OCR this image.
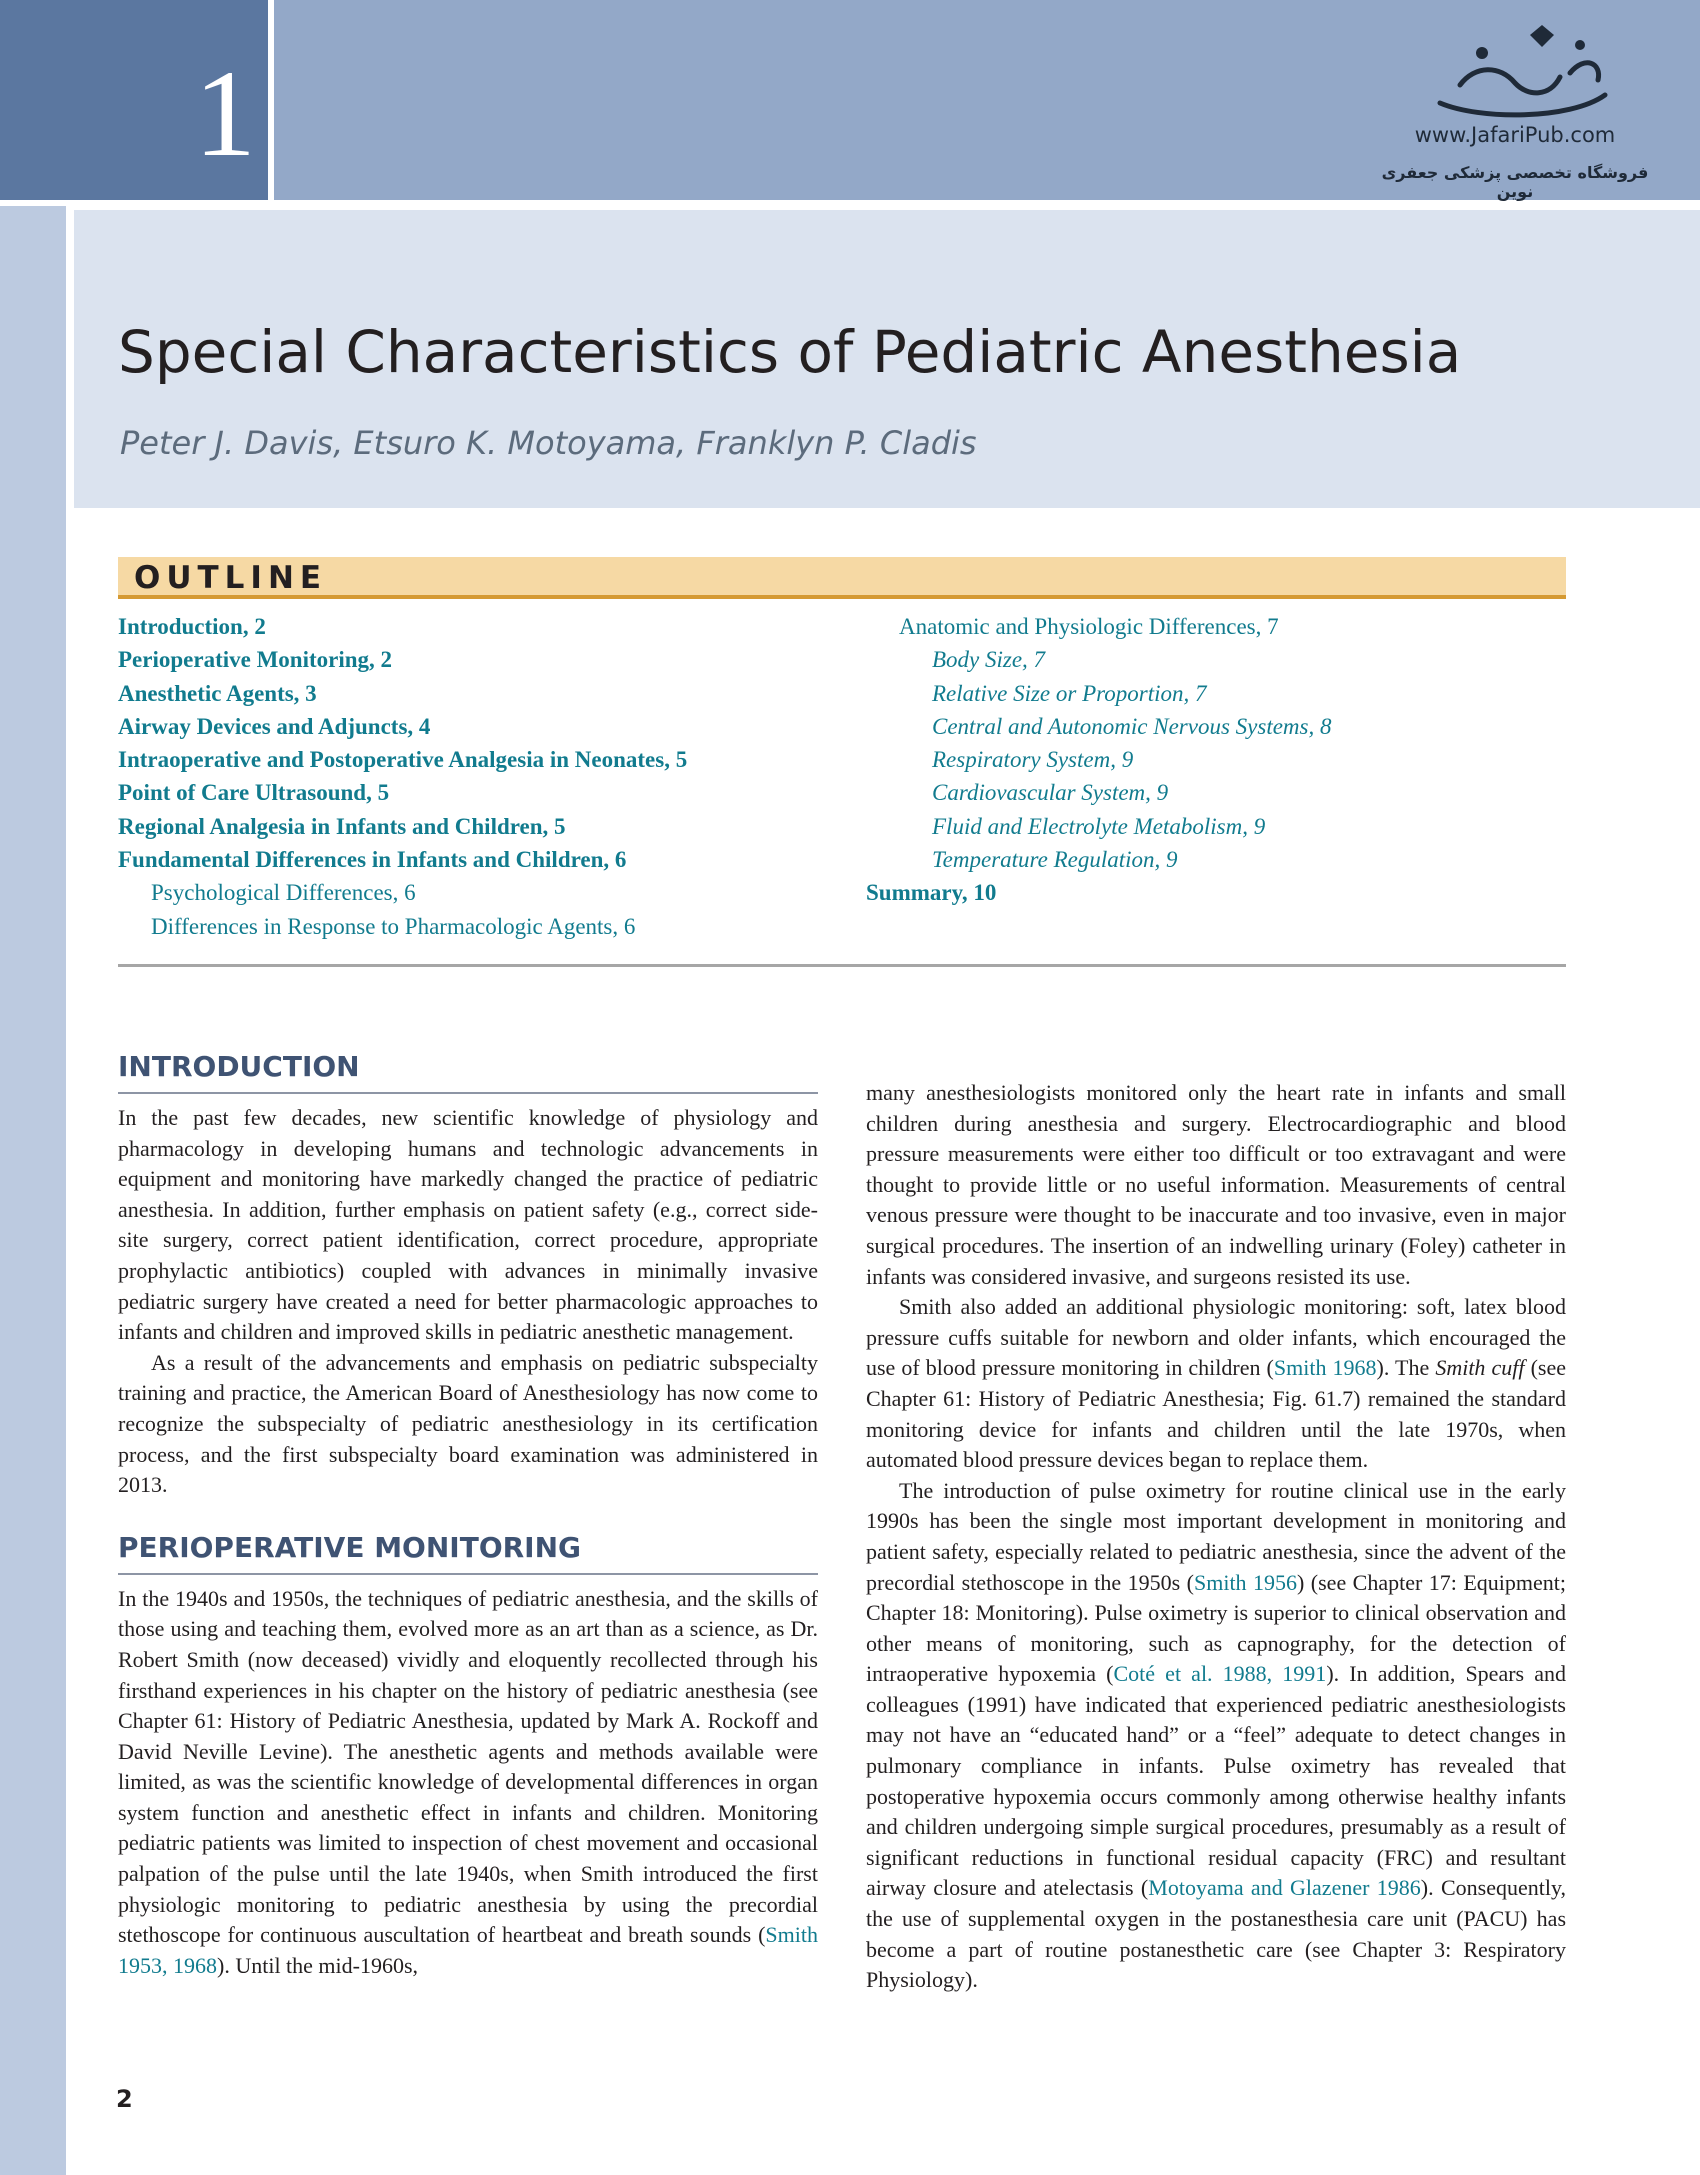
1	www.JafariPub.com
فروشگاه تخصصی پزشکی جعفری نوین
Special Characteristics of Pediatric Anesthesia
Peter J. Davis, Etsuro K. Motoyama, Franklyn P. Cladis
OUTLINE
Introduction, 2
Perioperative Monitoring, 2
Anesthetic Agents, 3
Airway Devices and Adjuncts, 4
Intraoperative and Postoperative Analgesia in Neonates, 5
Point of Care Ultrasound, 5
Regional Analgesia in Infants and Children, 5
Fundamental Differences in Infants and Children, 6
Psychological Differences, 6
Differences in Response to Pharmacologic Agents, 6
Anatomic and Physiologic Differences, 7
Body Size, 7
Relative Size or Proportion, 7
Central and Autonomic Nervous Systems, 8
Respiratory System, 9
Cardiovascular System, 9
Fluid and Electrolyte Metabolism, 9
Temperature Regulation, 9
Summary, 10
INTRODUCTION

In the past few decades, new scientific knowledge of physiology and pharmacology in developing humans and technologic advancements in equipment and monitoring have markedly changed the practice of pediatric anesthesia. In addition, further emphasis on patient safety (e.g., correct side-site surgery, correct patient identification, correct procedure, appropriate prophylactic antibiotics) coupled with advances in minimally invasive pediatric surgery have created a need for better pharmacologic approaches to infants and children and improved skills in pediatric anesthetic management.

As a result of the advancements and emphasis on pediatric subspecialty training and practice, the American Board of Anesthesiology has now come to recognize the subspecialty of pediatric anesthesiology in its certification process, and the first subspecialty board examination was administered in 2013.

PERIOPERATIVE MONITORING

In the 1940s and 1950s, the techniques of pediatric anesthesia, and the skills of those using and teaching them, evolved more as an art than as a science, as Dr. Robert Smith (now deceased) vividly and eloquently recollected through his firsthand experiences in his chapter on the history of pediatric anesthesia (see Chapter 61: History of Pediatric Anesthesia, updated by Mark A. Rockoff and David Neville Levine). The anesthetic agents and methods available were limited, as was the scientific knowledge of developmental differences in organ system function and anesthetic effect in infants and children. Monitoring pediatric patients was limited to inspection of chest movement and occasional palpation of the pulse until the late 1940s, when Smith introduced the first physiologic monitoring to pediatric anesthesia by using the precordial stethoscope for continuous auscultation of heartbeat and breath sounds (Smith 1953, 1968). Until the mid-1960s,

many anesthesiologists monitored only the heart rate in infants and small children during anesthesia and surgery. Electrocardiographic and blood pressure measurements were either too difficult or too extravagant and were thought to provide little or no useful information. Measurements of central venous pressure were thought to be inaccurate and too invasive, even in major surgical procedures. The insertion of an indwelling urinary (Foley) catheter in infants was considered invasive, and surgeons resisted its use.

Smith also added an additional physiologic monitoring: soft, latex blood pressure cuffs suitable for newborn and older infants, which encouraged the use of blood pressure monitoring in children (Smith 1968). The Smith cuff (see Chapter 61: History of Pediatric Anesthesia; Fig. 61.7) remained the standard monitoring device for infants and children until the late 1970s, when automated blood pressure devices began to replace them.

The introduction of pulse oximetry for routine clinical use in the early 1990s has been the single most important development in monitoring and patient safety, especially related to pediatric anesthesia, since the advent of the precordial stethoscope in the 1950s (Smith 1956) (see Chapter 17: Equipment; Chapter 18: Monitoring). Pulse oximetry is superior to clinical observation and other means of monitoring, such as capnography, for the detection of intraoperative hypoxemia (Coté et al. 1988, 1991). In addition, Spears and colleagues (1991) have indicated that experienced pediatric anesthesiologists may not have an “educated hand” or a “feel” adequate to detect changes in pulmonary compliance in infants. Pulse oximetry has revealed that postoperative hypoxemia occurs commonly among otherwise healthy infants and children undergoing simple surgical procedures, presumably as a result of significant reductions in functional residual capacity (FRC) and resultant airway closure and atelectasis (Motoyama and Glazener 1986). Consequently, the use of supplemental oxygen in the postanesthesia care unit (PACU) has become a part of routine postanesthetic care (see Chapter 3: Respiratory Physiology).

2
